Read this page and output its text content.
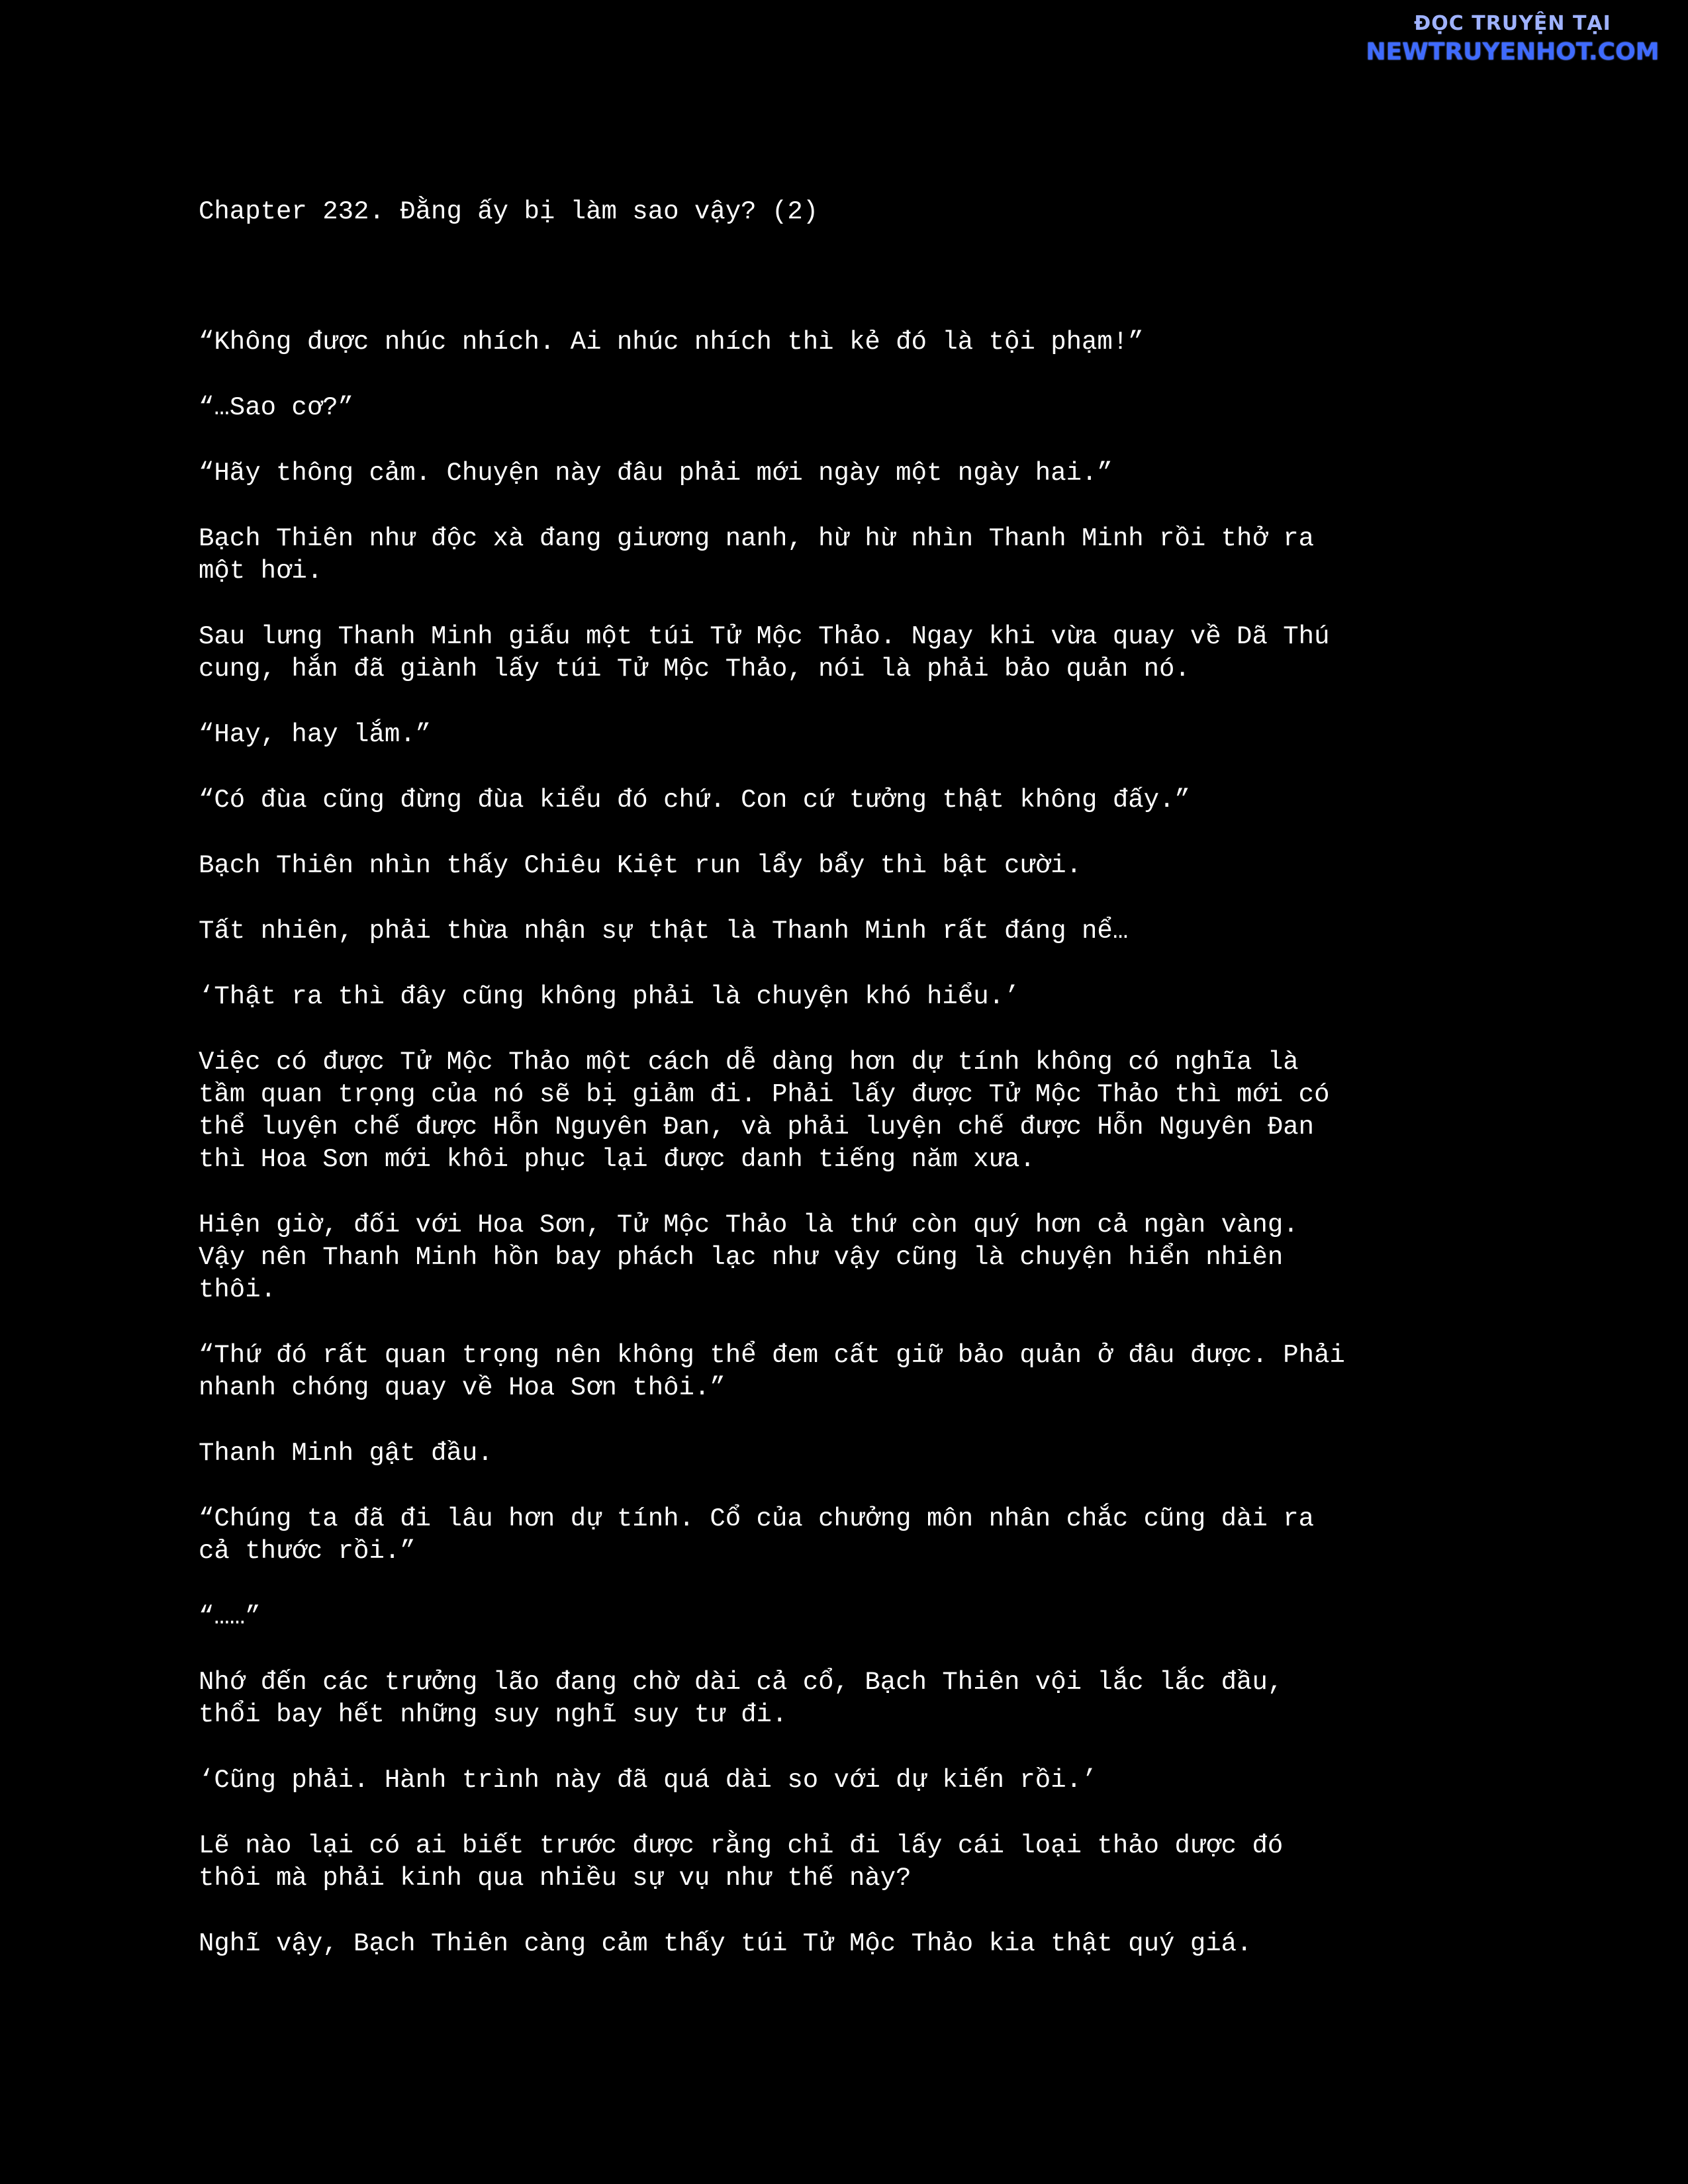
ĐỌC TRUYỆN TẠI
NEWTRUYENHOT.COM
Chapter 232. Đằng ấy bị làm sao vậy? (2)
“Không được nhúc nhích. Ai nhúc nhích thì kẻ đó là tội phạm!”
“…Sao cơ?”
“Hãy thông cảm. Chuyện này đâu phải mới ngày một ngày hai.”
Bạch Thiên như độc xà đang giương nanh, hừ hừ nhìn Thanh Minh rồi thở ra
một hơi.
Sau lưng Thanh Minh giấu một túi Tử Mộc Thảo. Ngay khi vừa quay về Dã Thú
cung, hắn đã giành lấy túi Tử Mộc Thảo, nói là phải bảo quản nó.
“Hay, hay lắm.”
“Có đùa cũng đừng đùa kiểu đó chứ. Con cứ tưởng thật không đấy.”
Bạch Thiên nhìn thấy Chiêu Kiệt run lẩy bẩy thì bật cười.
Tất nhiên, phải thừa nhận sự thật là Thanh Minh rất đáng nể…
‘Thật ra thì đây cũng không phải là chuyện khó hiểu.’
Việc có được Tử Mộc Thảo một cách dễ dàng hơn dự tính không có nghĩa là
tầm quan trọng của nó sẽ bị giảm đi. Phải lấy được Tử Mộc Thảo thì mới có
thể luyện chế được Hỗn Nguyên Đan, và phải luyện chế được Hỗn Nguyên Đan
thì Hoa Sơn mới khôi phục lại được danh tiếng năm xưa.
Hiện giờ, đối với Hoa Sơn, Tử Mộc Thảo là thứ còn quý hơn cả ngàn vàng.
Vậy nên Thanh Minh hồn bay phách lạc như vậy cũng là chuyện hiển nhiên
thôi.
“Thứ đó rất quan trọng nên không thể đem cất giữ bảo quản ở đâu được. Phải
nhanh chóng quay về Hoa Sơn thôi.”
Thanh Minh gật đầu.
“Chúng ta đã đi lâu hơn dự tính. Cổ của chưởng môn nhân chắc cũng dài ra
cả thước rồi.”
“……”
Nhớ đến các trưởng lão đang chờ dài cả cổ, Bạch Thiên vội lắc lắc đầu,
thổi bay hết những suy nghĩ suy tư đi.
‘Cũng phải. Hành trình này đã quá dài so với dự kiến rồi.’
Lẽ nào lại có ai biết trước được rằng chỉ đi lấy cái loại thảo dược đó
thôi mà phải kinh qua nhiều sự vụ như thế này?
Nghĩ vậy, Bạch Thiên càng cảm thấy túi Tử Mộc Thảo kia thật quý giá.
